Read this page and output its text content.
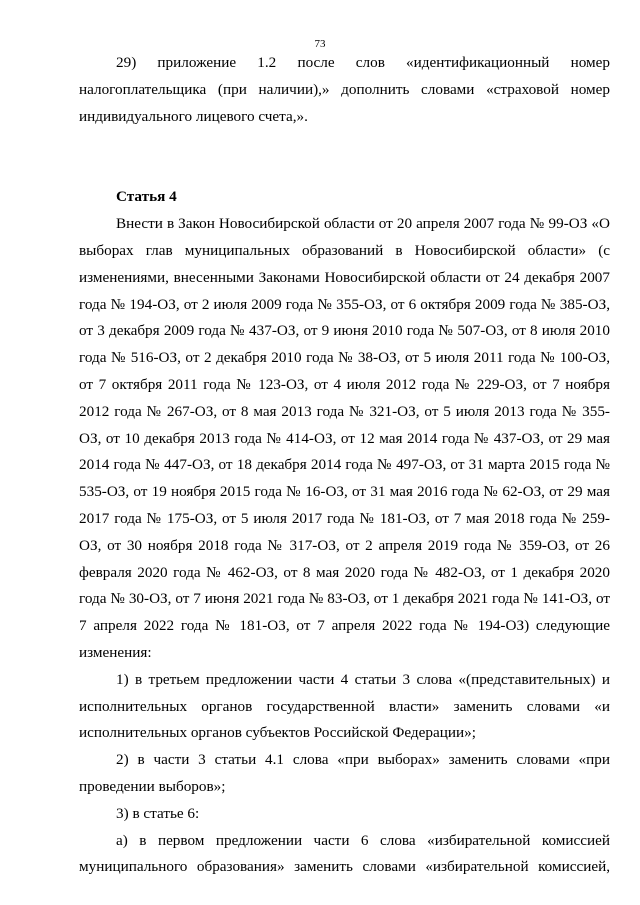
73

29) приложение 1.2 после слов «идентификационный номер налогоплательщика (при наличии),» дополнить словами «страховой номер индивидуального лицевого счета,».

Статья 4

Внести в Закон Новосибирской области от 20 апреля 2007 года № 99-ОЗ «О выборах глав муниципальных образований в Новосибирской области» (с изменениями, внесенными Законами Новосибирской области от 24 декабря 2007 года № 194-ОЗ, от 2 июля 2009 года № 355-ОЗ, от 6 октября 2009 года № 385-ОЗ, от 3 декабря 2009 года № 437-ОЗ, от 9 июня 2010 года № 507-ОЗ, от 8 июля 2010 года № 516-ОЗ, от 2 декабря 2010 года № 38-ОЗ, от 5 июля 2011 года № 100-ОЗ, от 7 октября 2011 года № 123-ОЗ, от 4 июля 2012 года № 229-ОЗ, от 7 ноября 2012 года № 267-ОЗ, от 8 мая 2013 года № 321-ОЗ, от 5 июля 2013 года № 355-ОЗ, от 10 декабря 2013 года № 414-ОЗ, от 12 мая 2014 года № 437-ОЗ, от 29 мая 2014 года № 447-ОЗ, от 18 декабря 2014 года № 497-ОЗ, от 31 марта 2015 года № 535-ОЗ, от 19 ноября 2015 года № 16-ОЗ, от 31 мая 2016 года № 62-ОЗ, от 29 мая 2017 года № 175-ОЗ, от 5 июля 2017 года № 181-ОЗ, от 7 мая 2018 года № 259-ОЗ, от 30 ноября 2018 года № 317-ОЗ, от 2 апреля 2019 года № 359-ОЗ, от 26 февраля 2020 года № 462-ОЗ, от 8 мая 2020 года № 482-ОЗ, от 1 декабря 2020 года № 30-ОЗ, от 7 июня 2021 года № 83-ОЗ, от 1 декабря 2021 года № 141-ОЗ, от 7 апреля 2022 года № 181-ОЗ, от 7 апреля 2022 года № 194-ОЗ) следующие изменения:

1) в третьем предложении части 4 статьи 3 слова «(представительных) и исполнительных органов государственной власти» заменить словами «и исполнительных органов субъектов Российской Федерации»;

2) в части 3 статьи 4.1 слова «при выборах» заменить словами «при проведении выборов»;

3) в статье 6:

а) в первом предложении части 6 слова «избирательной комиссией муниципального образования» заменить словами «избирательной комиссией,
